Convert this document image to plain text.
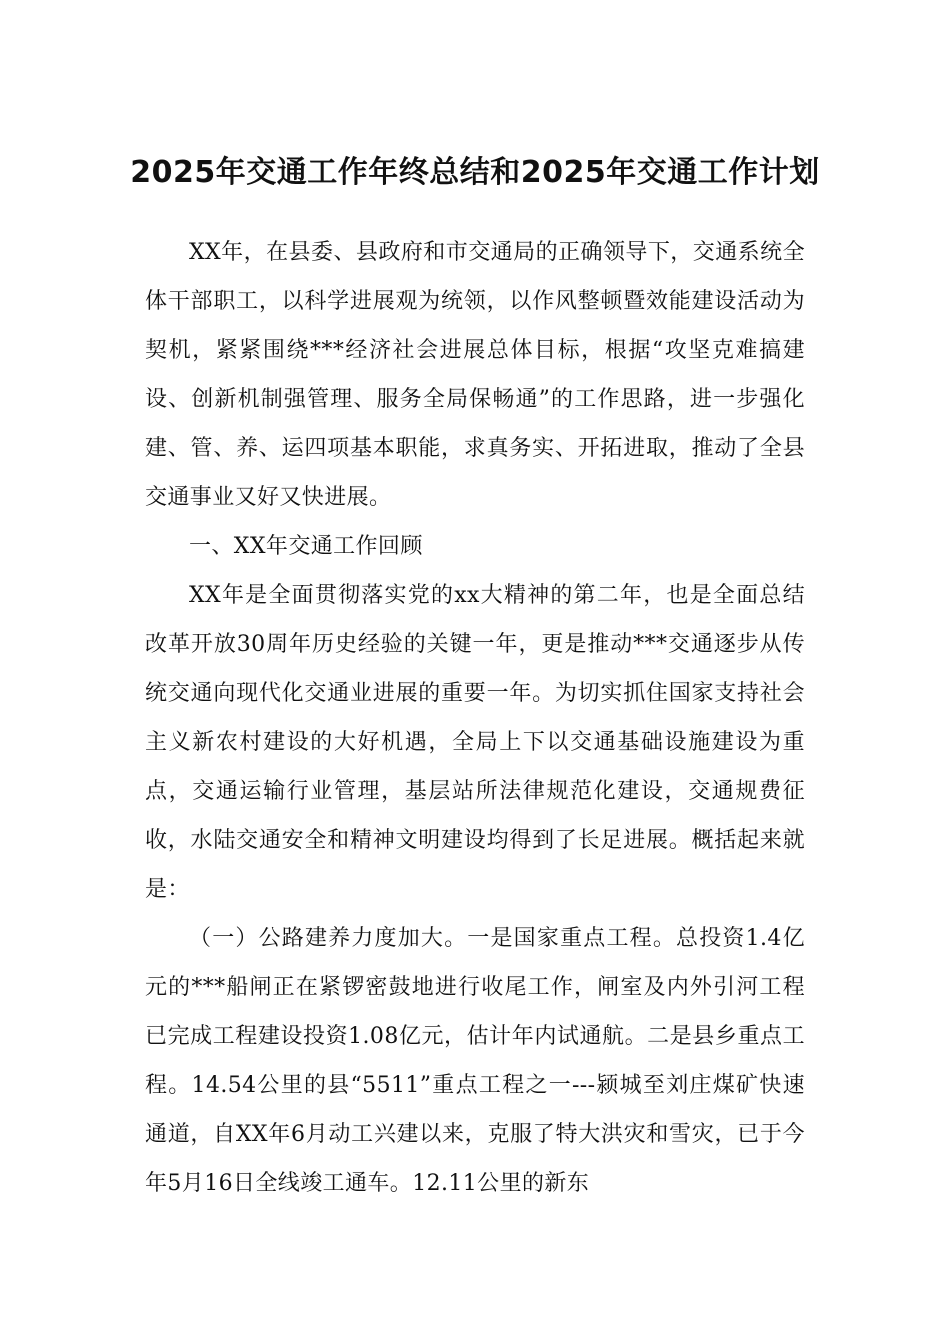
2025年交通工作年终总结和2025年交通工作计划

XX年，在县委、县政府和市交通局的正确领导下，交通系统全体干部职工，以科学进展观为统领，以作风整顿暨效能建设活动为契机，紧紧围绕***经济社会进展总体目标，根据“攻坚克难搞建设、创新机制强管理、服务全局保畅通”的工作思路，进一步强化建、管、养、运四项基本职能，求真务实、开拓进取，推动了全县交通事业又好又快进展。

一、XX年交通工作回顾

XX年是全面贯彻落实党的xx大精神的第二年，也是全面总结改革开放30周年历史经验的关键一年，更是推动***交通逐步从传统交通向现代化交通业进展的重要一年。为切实抓住国家支持社会主义新农村建设的大好机遇，全局上下以交通基础设施建设为重点，交通运输行业管理，基层站所法律规范化建设，交通规费征收，水陆交通安全和精神文明建设均得到了长足进展。概括起来就是：

（一）公路建养力度加大。一是国家重点工程。总投资1.4亿元的***船闸正在紧锣密鼓地进行收尾工作，闸室及内外引河工程已完成工程建设投资1.08亿元，估计年内试通航。二是县乡重点工程。14.54公里的县“5511”重点工程之一---颍城至刘庄煤矿快速通道，自XX年6月动工兴建以来，克服了特大洪灾和雪灾，已于今年5月16日全线竣工通车。12.11公里的新东
